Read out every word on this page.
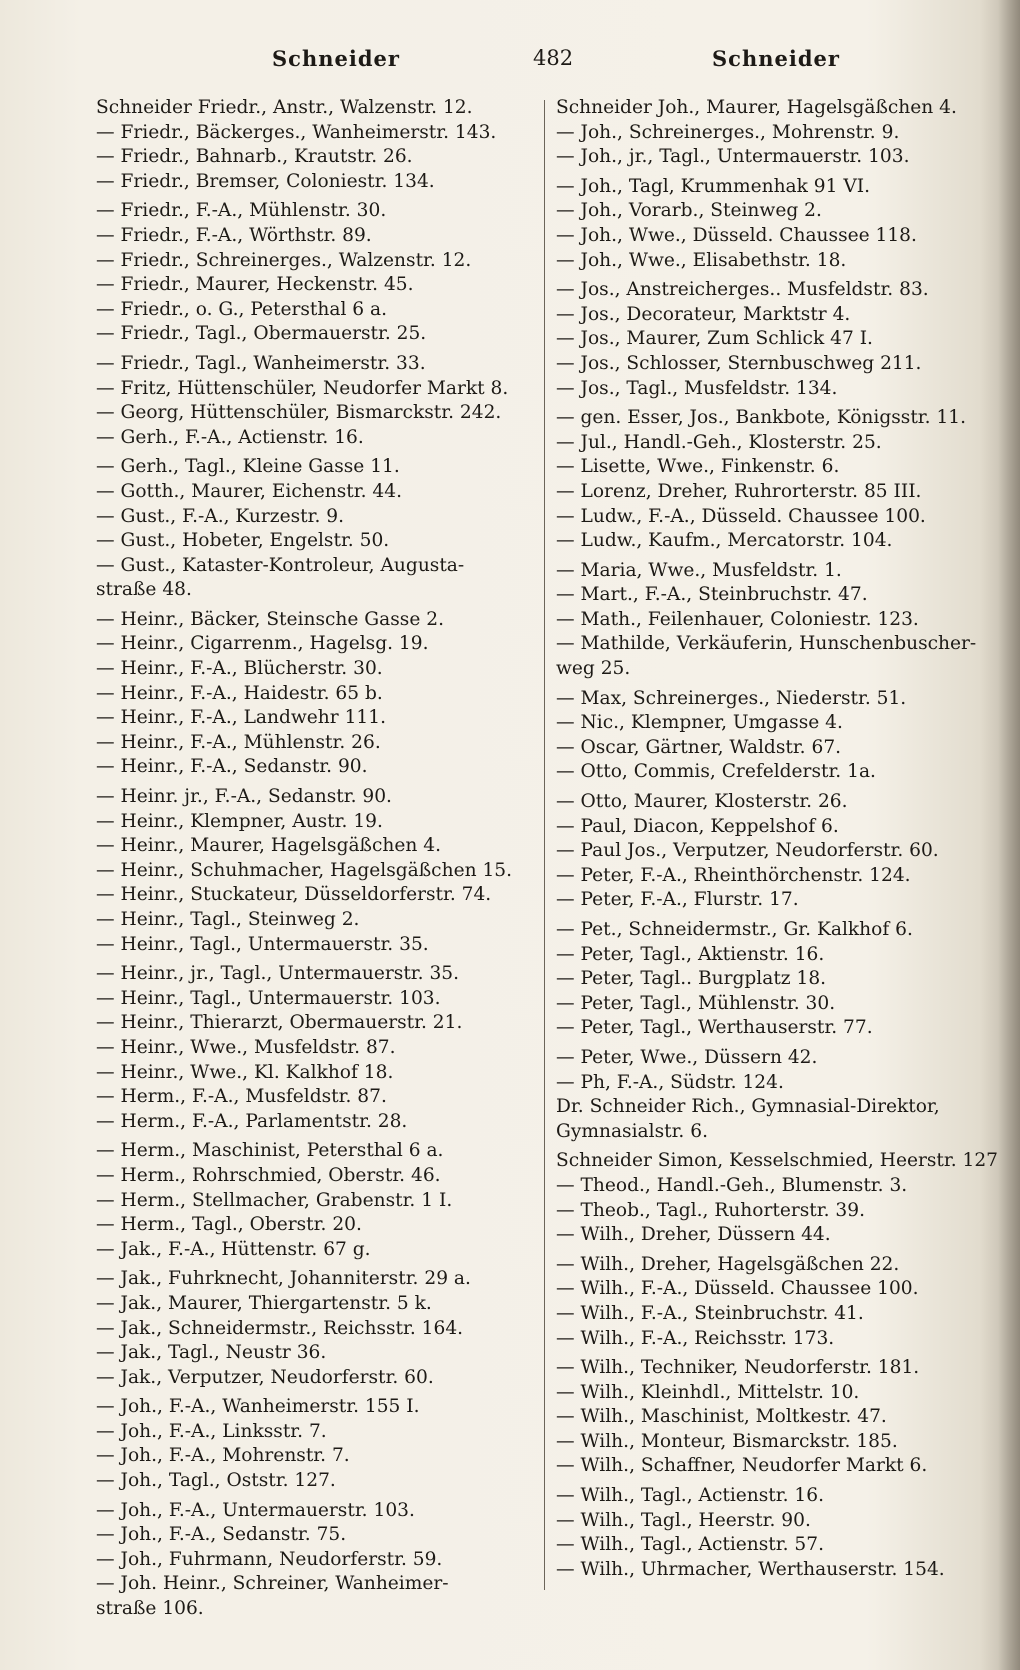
Schneider	482	Schneider
Schneider Friedr., Anstr., Walzenstr. 12.
— Friedr., Bäckerges., Wanheimerstr. 143.
— Friedr., Bahnarb., Krautstr. 26.
— Friedr., Bremser, Coloniestr. 134.
— Friedr., F.-A., Mühlenstr. 30.
— Friedr., F.-A., Wörthstr. 89.
— Friedr., Schreinerges., Walzenstr. 12.
— Friedr., Maurer, Heckenstr. 45.
— Friedr., o. G., Petersthal 6 a.
— Friedr., Tagl., Obermauerstr. 25.
— Friedr., Tagl., Wanheimerstr. 33.
— Fritz, Hüttenschüler, Neudorfer Markt 8.
— Georg, Hüttenschüler, Bismarckstr. 242.
— Gerh., F.-A., Actienstr. 16.
— Gerh., Tagl., Kleine Gasse 11.
— Gotth., Maurer, Eichenstr. 44.
— Gust., F.-A., Kurzestr. 9.
— Gust., Hobeter, Engelstr. 50.
— Gust., Kataster-Kontroleur, Augusta-
straße 48.
— Heinr., Bäcker, Steinsche Gasse 2.
— Heinr., Cigarrenm., Hagelsg. 19.
— Heinr., F.-A., Blücherstr. 30.
— Heinr., F.-A., Haidestr. 65 b.
— Heinr., F.-A., Landwehr 111.
— Heinr., F.-A., Mühlenstr. 26.
— Heinr., F.-A., Sedanstr. 90.
— Heinr. jr., F.-A., Sedanstr. 90.
— Heinr., Klempner, Austr. 19.
— Heinr., Maurer, Hagelsgäßchen 4.
— Heinr., Schuhmacher, Hagelsgäßchen 15.
— Heinr., Stuckateur, Düsseldorferstr. 74.
— Heinr., Tagl., Steinweg 2.
— Heinr., Tagl., Untermauerstr. 35.
— Heinr., jr., Tagl., Untermauerstr. 35.
— Heinr., Tagl., Untermauerstr. 103.
— Heinr., Thierarzt, Obermauerstr. 21.
— Heinr., Wwe., Musfeldstr. 87.
— Heinr., Wwe., Kl. Kalkhof 18.
— Herm., F.-A., Musfeldstr. 87.
— Herm., F.-A., Parlamentstr. 28.
— Herm., Maschinist, Petersthal 6 a.
— Herm., Rohrschmied, Oberstr. 46.
— Herm., Stellmacher, Grabenstr. 1 I.
— Herm., Tagl., Oberstr. 20.
— Jak., F.-A., Hüttenstr. 67 g.
— Jak., Fuhrknecht, Johanniterstr. 29 a.
— Jak., Maurer, Thiergartenstr. 5 k.
— Jak., Schneidermstr., Reichsstr. 164.
— Jak., Tagl., Neustr 36.
— Jak., Verputzer, Neudorferstr. 60.
— Joh., F.-A., Wanheimerstr. 155 I.
— Joh., F.-A., Linksstr. 7.
— Joh., F.-A., Mohrenstr. 7.
— Joh., Tagl., Oststr. 127.
— Joh., F.-A., Untermauerstr. 103.
— Joh., F.-A., Sedanstr. 75.
— Joh., Fuhrmann, Neudorferstr. 59.
— Joh. Heinr., Schreiner, Wanheimer-
straße 106.
Schneider Joh., Maurer, Hagelsgäßchen 4.
— Joh., Schreinerges., Mohrenstr. 9.
— Joh., jr., Tagl., Untermauerstr. 103.
— Joh., Tagl, Krummenhak 91 VI.
— Joh., Vorarb., Steinweg 2.
— Joh., Wwe., Düsseld. Chaussee 118.
— Joh., Wwe., Elisabethstr. 18.
— Jos., Anstreicherges.. Musfeldstr. 83.
— Jos., Decorateur, Marktstr 4.
— Jos., Maurer, Zum Schlick 47 I.
— Jos., Schlosser, Sternbuschweg 211.
— Jos., Tagl., Musfeldstr. 134.
— gen. Esser, Jos., Bankbote, Königsstr. 11.
— Jul., Handl.-Geh., Klosterstr. 25.
— Lisette, Wwe., Finkenstr. 6.
— Lorenz, Dreher, Ruhrorterstr. 85 III.
— Ludw., F.-A., Düsseld. Chaussee 100.
— Ludw., Kaufm., Mercatorstr. 104.
— Maria, Wwe., Musfeldstr. 1.
— Mart., F.-A., Steinbruchstr. 47.
— Math., Feilenhauer, Coloniestr. 123.
— Mathilde, Verkäuferin, Hunschenbuscher-
weg 25.
— Max, Schreinerges., Niederstr. 51.
— Nic., Klempner, Umgasse 4.
— Oscar, Gärtner, Waldstr. 67.
— Otto, Commis, Crefelderstr. 1a.
— Otto, Maurer, Klosterstr. 26.
— Paul, Diacon, Keppelshof 6.
— Paul Jos., Verputzer, Neudorferstr. 60.
— Peter, F.-A., Rheinthörchenstr. 124.
— Peter, F.-A., Flurstr. 17.
— Pet., Schneidermstr., Gr. Kalkhof 6.
— Peter, Tagl., Aktienstr. 16.
— Peter, Tagl.. Burgplatz 18.
— Peter, Tagl., Mühlenstr. 30.
— Peter, Tagl., Werthauserstr. 77.
— Peter, Wwe., Düssern 42.
— Ph, F.-A., Südstr. 124.
Dr. Schneider Rich., Gymnasial-Direktor,
Gymnasialstr. 6.
Schneider Simon, Kesselschmied, Heerstr. 127
— Theod., Handl.-Geh., Blumenstr. 3.
— Theob., Tagl., Ruhorterstr. 39.
— Wilh., Dreher, Düssern 44.
— Wilh., Dreher, Hagelsgäßchen 22.
— Wilh., F.-A., Düsseld. Chaussee 100.
— Wilh., F.-A., Steinbruchstr. 41.
— Wilh., F.-A., Reichsstr. 173.
— Wilh., Techniker, Neudorferstr. 181.
— Wilh., Kleinhdl., Mittelstr. 10.
— Wilh., Maschinist, Moltkestr. 47.
— Wilh., Monteur, Bismarckstr. 185.
— Wilh., Schaffner, Neudorfer Markt 6.
— Wilh., Tagl., Actienstr. 16.
— Wilh., Tagl., Heerstr. 90.
— Wilh., Tagl., Actienstr. 57.
— Wilh., Uhrmacher, Werthauserstr. 154.
